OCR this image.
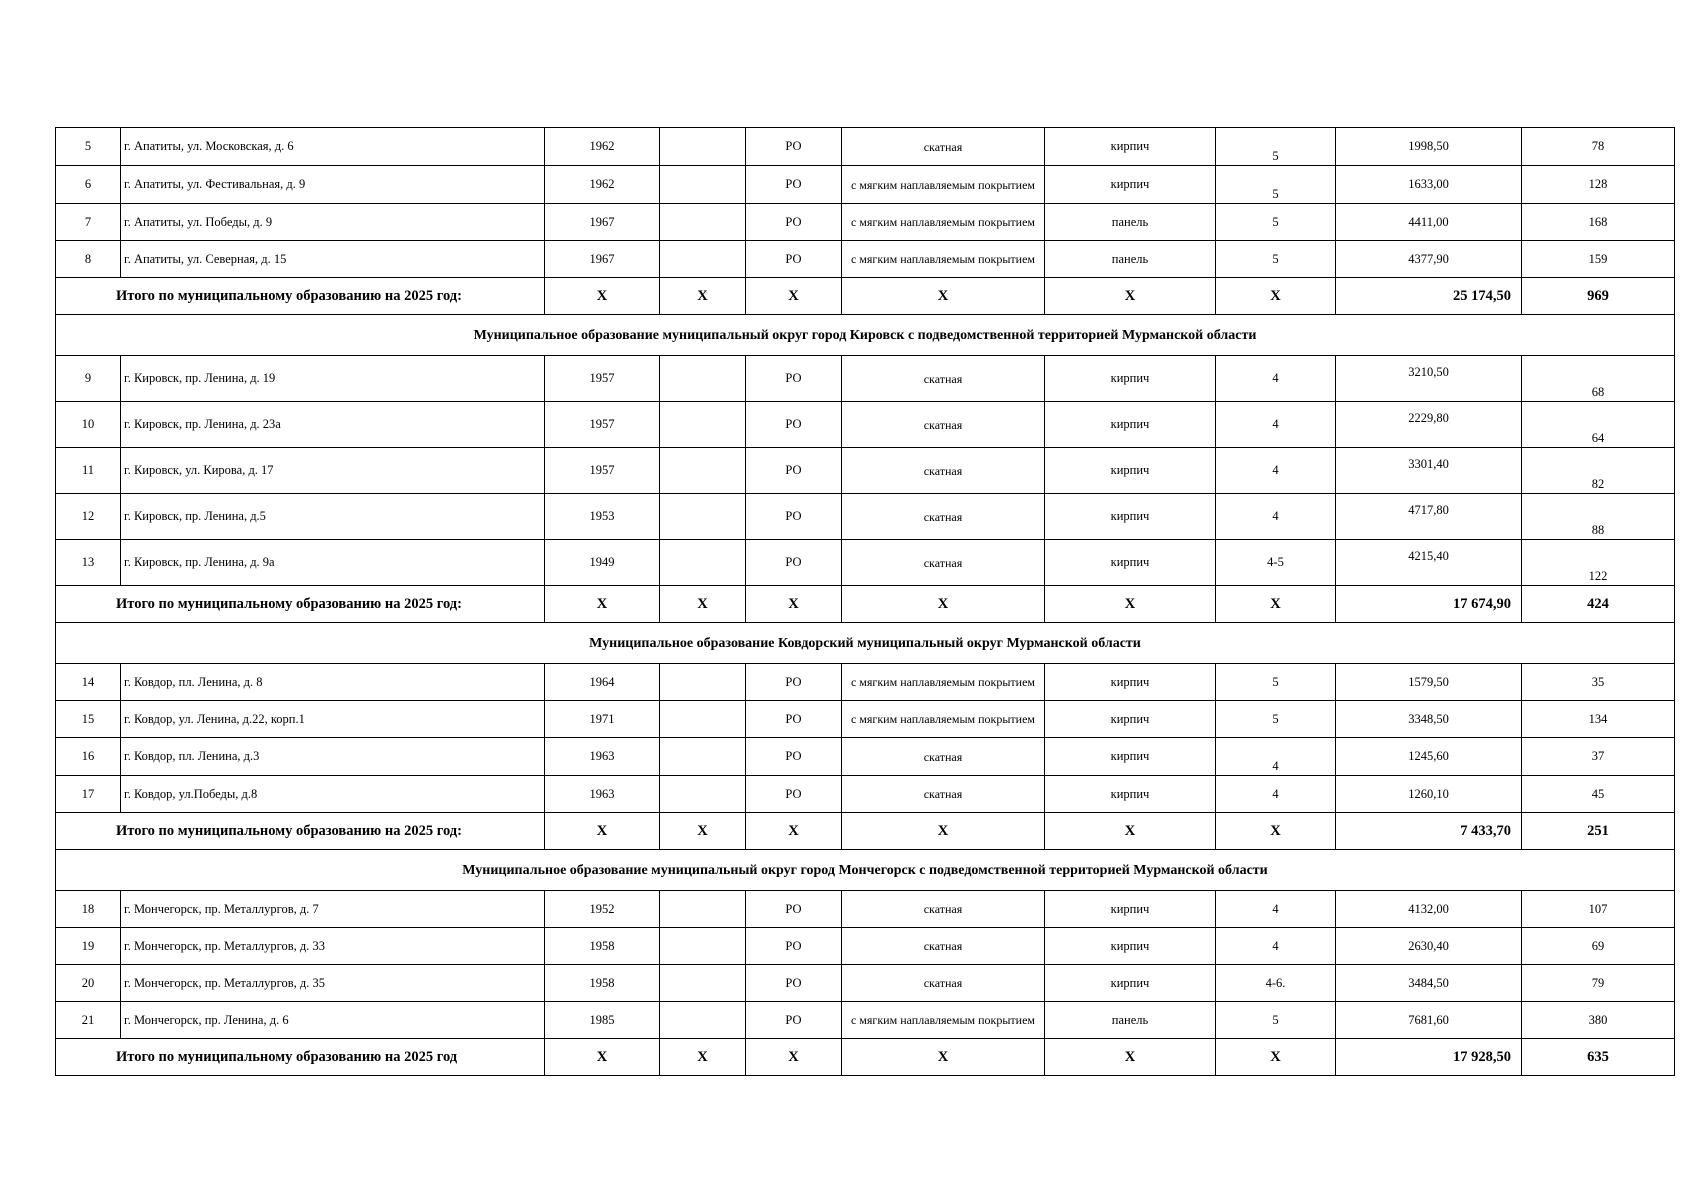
5	г. Апатиты, ул. Московская, д. 6	1962		РО	скатная	кирпич	5	1998,50	78
6	г. Апатиты, ул. Фестивальная, д. 9	1962		РО	с мягким наплавляемым покрытием	кирпич	5	1633,00	128
7	г. Апатиты, ул. Победы, д. 9	1967		РО	с мягким наплавляемым покрытием	панель	5	4411,00	168
8	г. Апатиты, ул. Северная, д. 15	1967		РО	с мягким наплавляемым покрытием	панель	5	4377,90	159
Итого по муниципальному образованию на 2025 год:		X	X	X	X	X	X	25 174,50	969
Муниципальное образование муниципальный округ город Кировск с подведомственной территорией Мурманской области									
9	г. Кировск, пр. Ленина, д. 19	1957		РО	скатная	кирпич	4	3210,50	68
10	г. Кировск, пр. Ленина, д. 23а	1957		РО	скатная	кирпич	4	2229,80	64
11	г. Кировск, ул. Кирова, д. 17	1957		РО	скатная	кирпич	4	3301,40	82
12	г. Кировск, пр. Ленина, д.5	1953		РО	скатная	кирпич	4	4717,80	88
13	г. Кировск, пр. Ленина, д. 9а	1949		РО	скатная	кирпич	4-5	4215,40	122
Итого по муниципальному образованию на 2025 год:		X	X	X	X	X	X	17 674,90	424
Муниципальное образование Ковдорский муниципальный округ Мурманской области									
14	г. Ковдор, пл. Ленина, д. 8	1964		РО	с мягким наплавляемым покрытием	кирпич	5	1579,50	35
15	г. Ковдор, ул. Ленина, д.22, корп.1	1971		РО	с мягким наплавляемым покрытием	кирпич	5	3348,50	134
16	г. Ковдор, пл. Ленина, д.3	1963		РО	скатная	кирпич	4	1245,60	37
17	г. Ковдор, ул.Победы, д.8	1963		РО	скатная	кирпич	4	1260,10	45
Итого по муниципальному образованию на 2025 год:		X	X	X	X	X	X	7 433,70	251
Муниципальное образование муниципальный округ город Мончегорск с подведомственной территорией Мурманской области									
18	г. Мончегорск, пр. Металлургов, д. 7	1952		РО	скатная	кирпич	4	4132,00	107
19	г. Мончегорск, пр. Металлургов, д. 33	1958		РО	скатная	кирпич	4	2630,40	69
20	г. Мончегорск, пр. Металлургов, д. 35	1958		РО	скатная	кирпич	4-6.	3484,50	79
21	г. Мончегорск, пр. Ленина, д. 6	1985		РО	с мягким наплавляемым покрытием	панель	5	7681,60	380
Итого по муниципальному образованию на 2025 год		X	X	X	X	X	X	17 928,50	635
